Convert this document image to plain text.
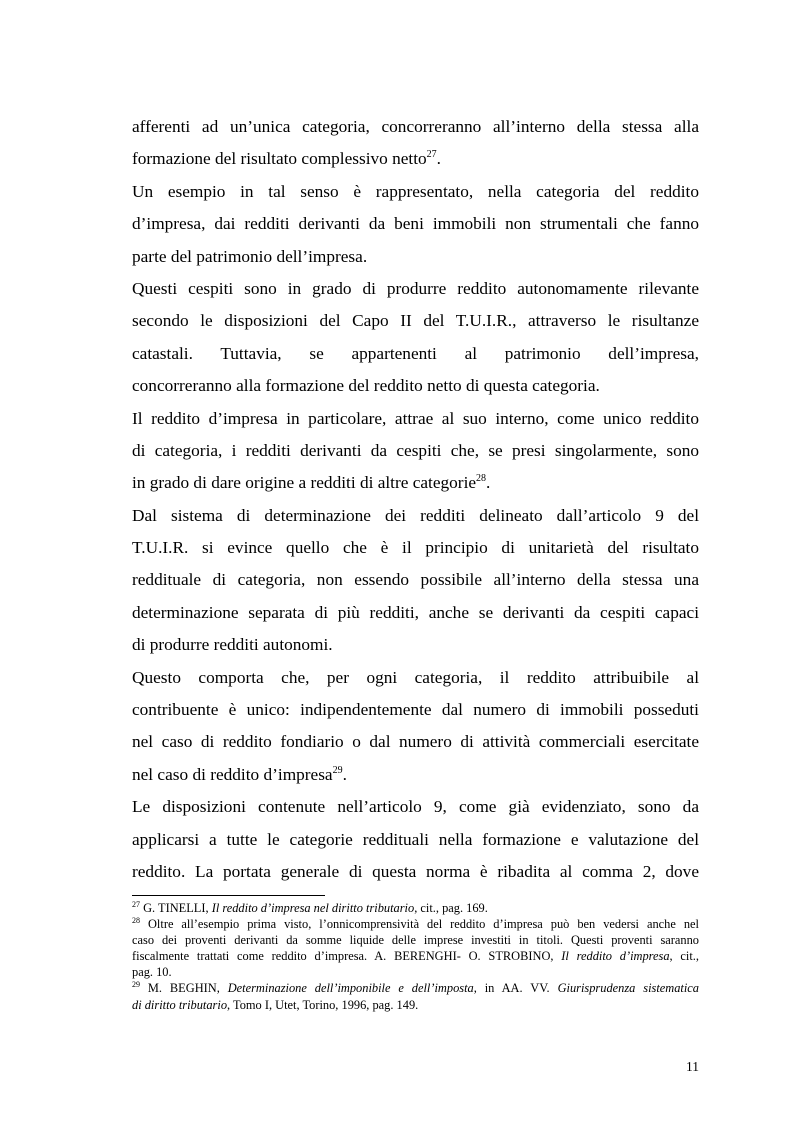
afferenti ad un’unica categoria, concorreranno all’interno della stessa alla
formazione del risultato complessivo netto$^{27}$.
Un esempio in tal senso è rappresentato, nella categoria del reddito
d’impresa, dai redditi derivanti da beni immobili non strumentali che fanno
parte del patrimonio dell’impresa.
Questi cespiti sono in grado di produrre reddito autonomamente rilevante
secondo le disposizioni del Capo II del T.U.I.R., attraverso le risultanze
catastali. Tuttavia, se appartenenti al patrimonio dell’impresa,
concorreranno alla formazione del reddito netto di questa categoria.
Il reddito d’impresa in particolare, attrae al suo interno, come unico reddito
di categoria, i redditi derivanti da cespiti che, se presi singolarmente, sono
in grado di dare origine a redditi di altre categorie$^{28}$.
Dal sistema di determinazione dei redditi delineato dall’articolo 9 del
T.U.I.R. si evince quello che è il principio di unitarietà del risultato
reddituale di categoria, non essendo possibile all’interno della stessa una
determinazione separata di più redditi, anche se derivanti da cespiti capaci
di produrre redditi autonomi.
Questo comporta che, per ogni categoria, il reddito attribuibile al
contribuente è unico: indipendentemente dal numero di immobili posseduti
nel caso di reddito fondiario o dal numero di attività commerciali esercitate
nel caso di reddito d’impresa$^{29}$.
Le disposizioni contenute nell’articolo 9, come già evidenziato, sono da
applicarsi a tutte le categorie reddituali nella formazione e valutazione del
reddito. La portata generale di questa norma è ribadita al comma 2, dove
$^{27}$ G. TINELLI, Il reddito d’impresa nel diritto tributario, cit., pag. 169.
$^{28}$ Oltre all’esempio prima visto, l’onnicomprensività del reddito d’impresa può ben vedersi anche nel
caso dei proventi derivanti da somme liquide delle imprese investiti in titoli. Questi proventi saranno
fiscalmente trattati come reddito d’impresa. A. BERENGHI- O. STROBINO, Il reddito d’impresa, cit.,
pag. 10.
$^{29}$ M. BEGHIN, Determinazione dell’imponibile e dell’imposta, in AA. VV. Giurisprudenza sistematica
di diritto tributario, Tomo I, Utet, Torino, 1996, pag. 149.
11
